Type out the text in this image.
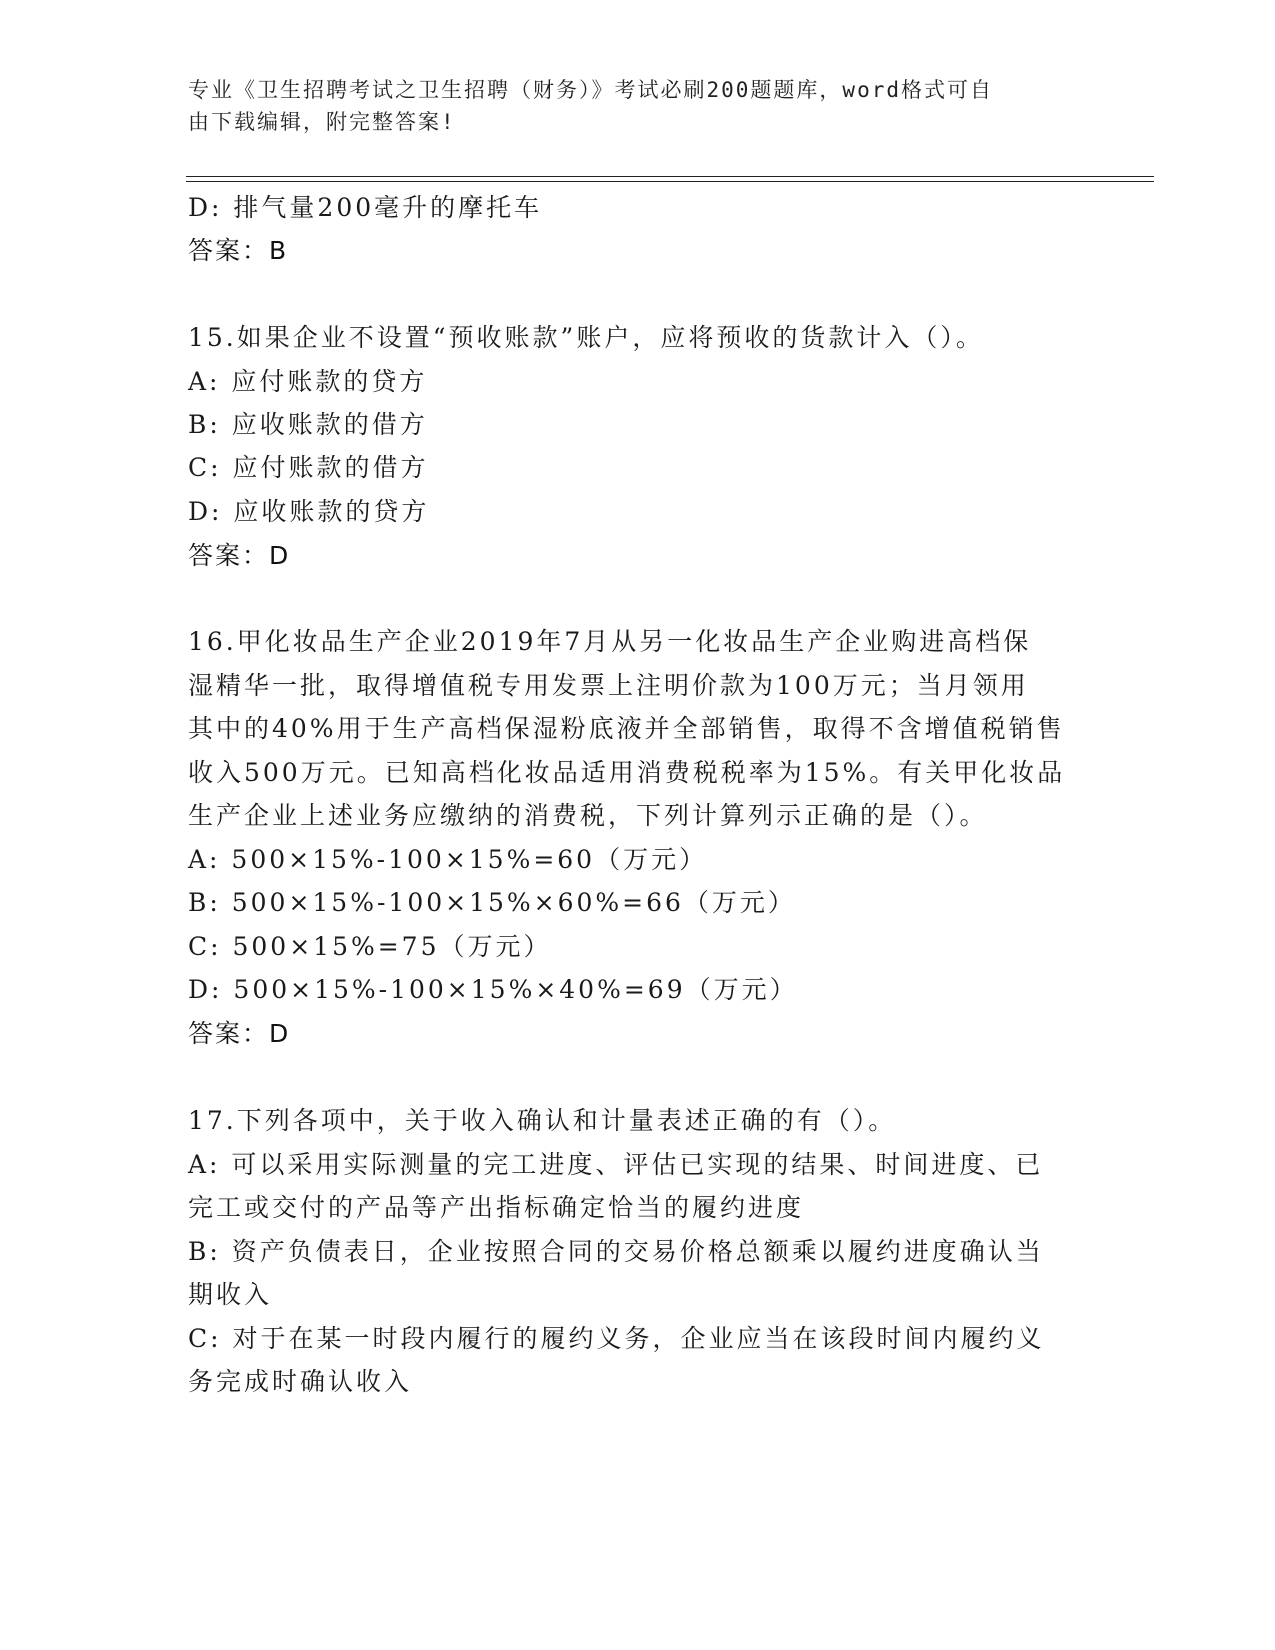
专业《卫生招聘考试之卫生招聘（财务）》考试必刷200题题库，word格式可自
由下载编辑，附完整答案!
D: 排气量200毫升的摩托车
答案：B
15.如果企业不设置“预收账款”账户，应将预收的货款计入（）。
A: 应付账款的贷方
B: 应收账款的借方
C: 应付账款的借方
D: 应收账款的贷方
答案：D
16.甲化妆品生产企业2019年7月从另一化妆品生产企业购进高档保
湿精华一批，取得增值税专用发票上注明价款为100万元；当月领用
其中的40%用于生产高档保湿粉底液并全部销售，取得不含增值税销售
收入500万元。已知高档化妆品适用消费税税率为15%。有关甲化妆品
生产企业上述业务应缴纳的消费税，下列计算列示正确的是（）。
A: 500×15%-100×15%=60（万元）
B: 500×15%-100×15%×60%=66（万元）
C: 500×15%=75（万元）
D: 500×15%-100×15%×40%=69（万元）
答案：D
17.下列各项中，关于收入确认和计量表述正确的有（）。
A: 可以采用实际测量的完工进度、评估已实现的结果、时间进度、已
完工或交付的产品等产出指标确定恰当的履约进度
B: 资产负债表日，企业按照合同的交易价格总额乘以履约进度确认当
期收入
C: 对于在某一时段内履行的履约义务，企业应当在该段时间内履约义
务完成时确认收入
